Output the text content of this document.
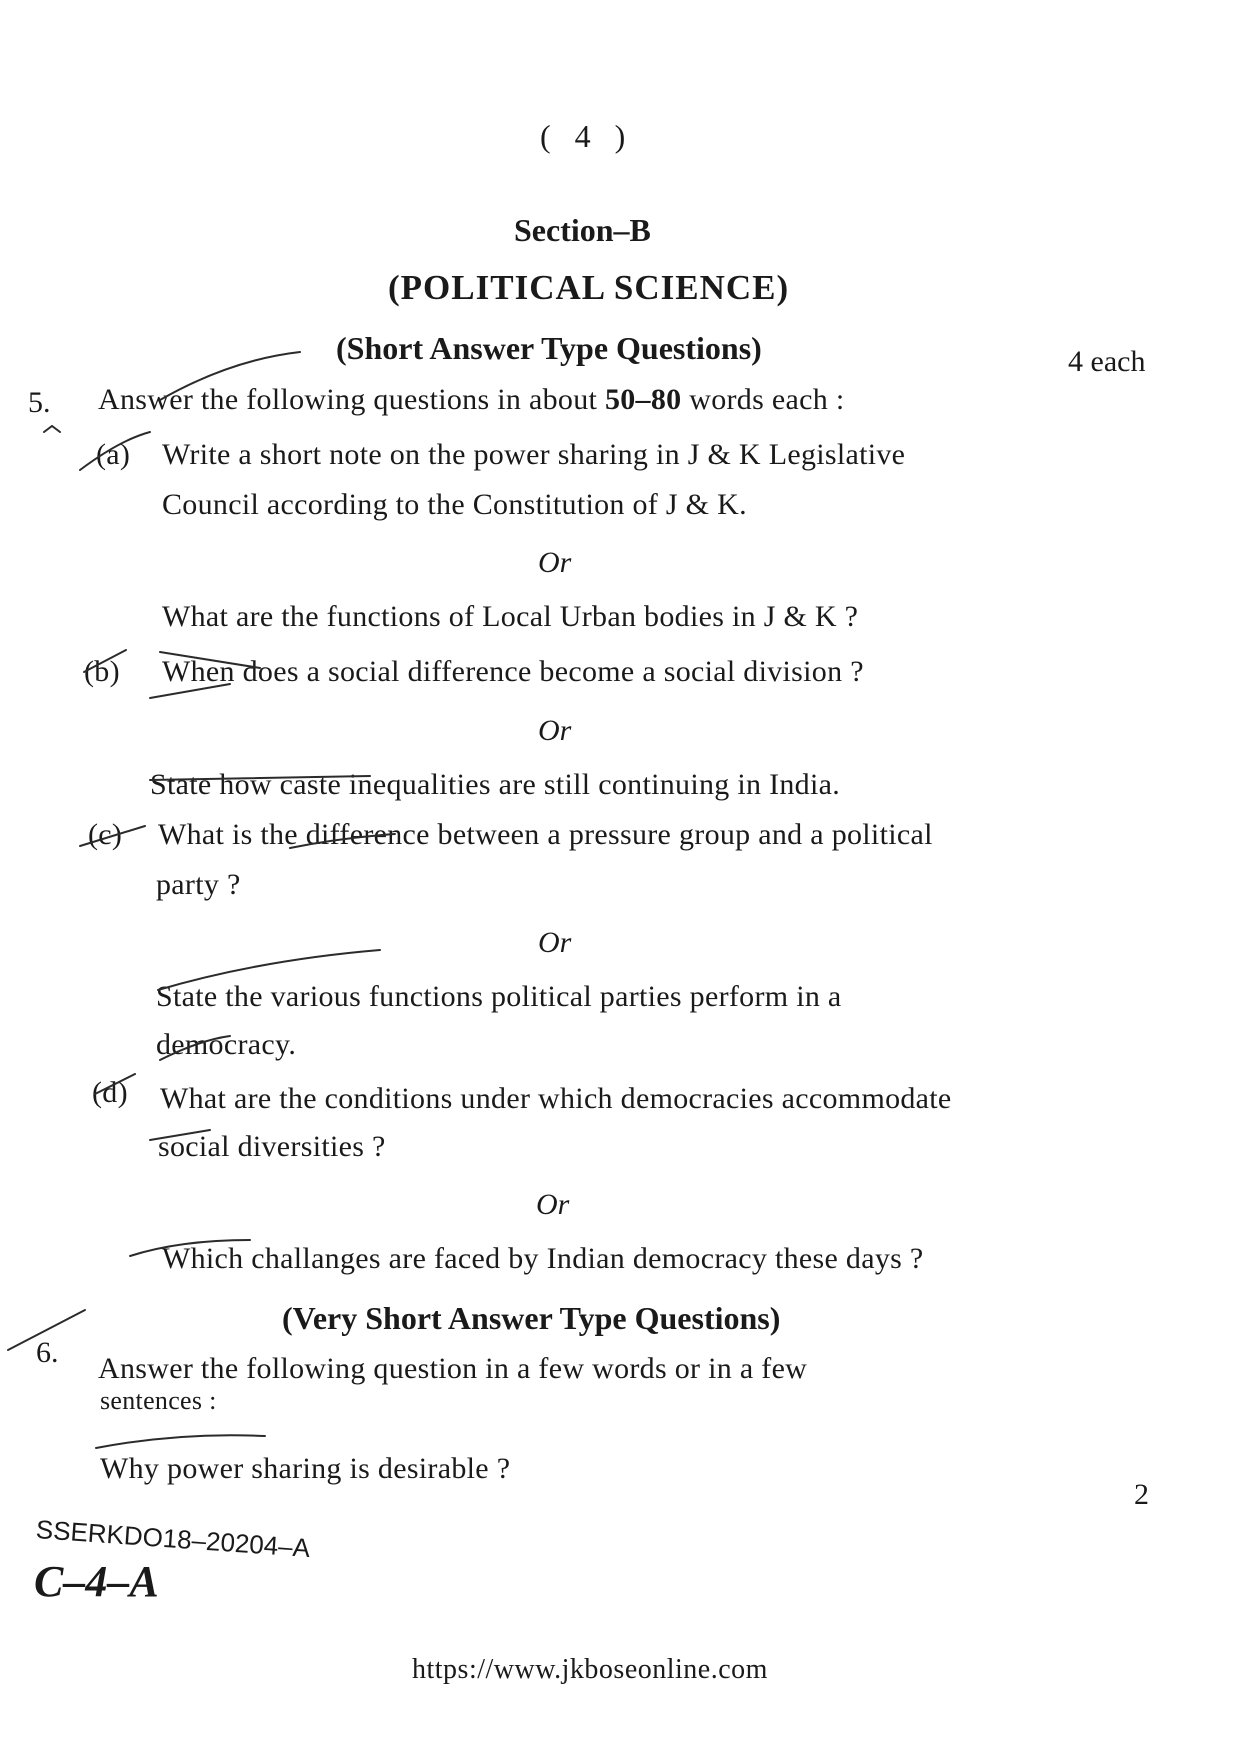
( 4 )
Section–B
(POLITICAL SCIENCE)
(Short Answer Type Questions)	4 each
5. Answer the following questions in about 50–80 words each :
(a) Write a short note on the power sharing in J & K Legislative
Council according to the Constitution of J & K.
Or
What are the functions of Local Urban bodies in J & K ?
(b) When does a social difference become a social division ?
Or
State how caste inequalities are still continuing in India.
(c) What is the difference between a pressure group and a political
party ?
Or
State the various functions political parties perform in a
democracy.
(d) What are the conditions under which democracies accommodate
social diversities ?
Or
Which challanges are faced by Indian democracy these days ?
(Very Short Answer Type Questions)
6. Answer the following question in a few words or in a few
sentences :
Why power sharing is desirable ?
2
SSERKDO18–20204–A
C–4–A
https://www.jkboseonline.com
